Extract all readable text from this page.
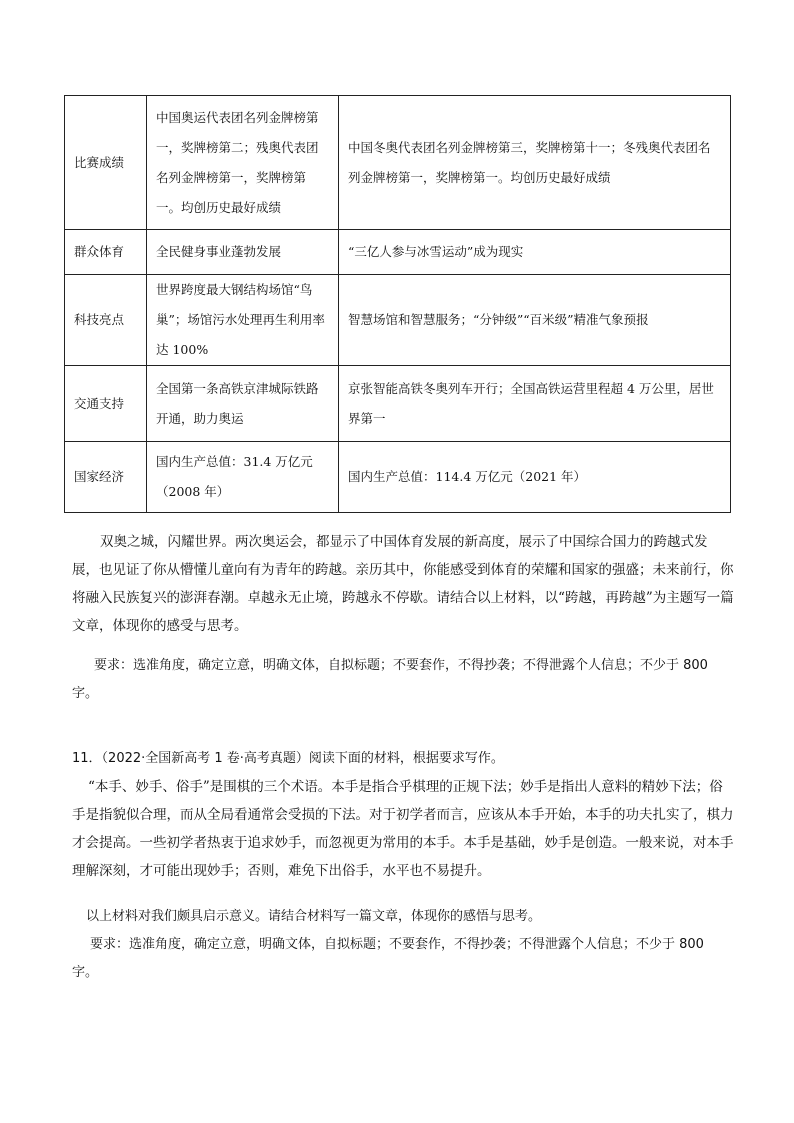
比赛成绩	中国奥运代表团名列金牌榜第一，奖牌榜第二；残奥代表团名列金牌榜第一，奖牌榜第一。均创历史最好成绩	中国冬奥代表团名列金牌榜第三，奖牌榜第十一；冬残奥代表团名列金牌榜第一，奖牌榜第一。均创历史最好成绩
群众体育	全民健身事业蓬勃发展	“三亿人参与冰雪运动”成为现实
科技亮点	世界跨度最大钢结构场馆“鸟巢”；场馆污水处理再生利用率达 100%	智慧场馆和智慧服务；“分钟级”“百米级”精准气象预报
交通支持	全国第一条高铁京津城际铁路开通，助力奥运	京张智能高铁冬奥列车开行；全国高铁运营里程超 4 万公里，居世界第一
国家经济	国内生产总值：31.4 万亿元（2008 年）	国内生产总值：114.4 万亿元（2021 年）

双奥之城，闪耀世界。两次奥运会，都显示了中国体育发展的新高度，展示了中国综合国力的跨越式发展，也见证了你从懵懂儿童向有为青年的跨越。亲历其中，你能感受到体育的荣耀和国家的强盛；未来前行，你将融入民族复兴的澎湃春潮。卓越永无止境，跨越永不停歇。请结合以上材料，以“跨越，再跨越”为主题写一篇文章，体现你的感受与思考。

要求：选准角度，确定立意，明确文体，自拟标题；不要套作，不得抄袭；不得泄露个人信息；不少于 800 字。

11．（2022·全国新高考 1 卷·高考真题）阅读下面的材料，根据要求写作。

“本手、妙手、俗手”是围棋的三个术语。本手是指合乎棋理的正规下法；妙手是指出人意料的精妙下法；俗手是指貌似合理，而从全局看通常会受损的下法。对于初学者而言，应该从本手开始，本手的功夫扎实了，棋力才会提高。一些初学者热衷于追求妙手，而忽视更为常用的本手。本手是基础，妙手是创造。一般来说，对本手理解深刻，才可能出现妙手；否则，难免下出俗手，水平也不易提升。

以上材料对我们颇具启示意义。请结合材料写一篇文章，体现你的感悟与思考。

要求：选准角度，确定立意，明确文体，自拟标题；不要套作，不得抄袭；不得泄露个人信息；不少于 800 字。
